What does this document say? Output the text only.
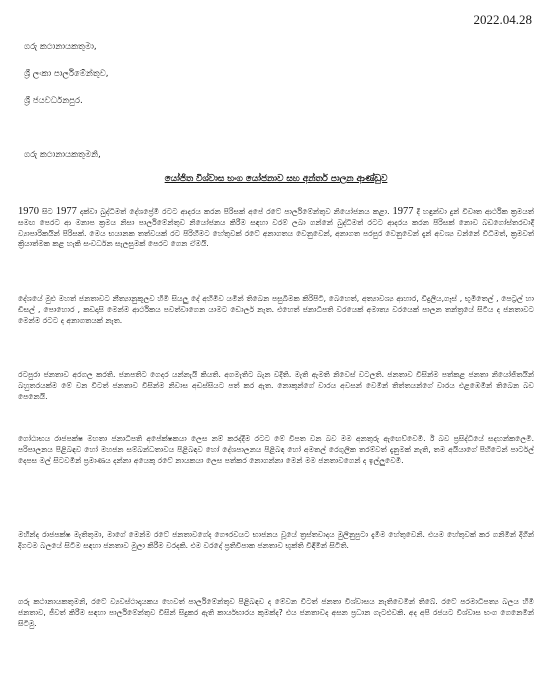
2022.04.28
ගරු කථානායකතුමා,
ශ්‍රී ලංකා පාර්ලිමේන්තුව,
ශ්‍රී ජයවර්ධනපුර.
ගරු කථානායකතුමනි,
යෝජිත විශ්වාස භංග යෝජනාව සහ අන්තර් පාලන ආණ්ඩුව

1970 සිට 1977 දක්වා බුද්ධිමත් දේශප්‍රේමී රටට ආදරය කරන පිරිසක් අපේ රටේ පාර්ලිමේන්තුව නියෝජනය කළා. 1977 දී හඳුන්වා දුන් විවෘත ආර්ථික ක්‍රමයත් සමඟ පෙරට ආ මනාප ක්‍රමය නිසා පාර්ලිමේන්තුව නියෝජනය කිරීම සඳහා වරම් ලබා ගන්නේ බුද්ධිමත් රටට ආදරය කරන පිරිසක් නොව බඩගෝස්තරවාදී ව්‍යාපාරිකයින් පිරිසක්. මෙය භයානක තත්වයක් රට පිරිහීමට හේතුවක් රටේ අනාගතය වෙනුවෙන්, අනාගත පරපුර වෙනුවෙන් දැන් අවශ්‍ය වන්නේ විධිමත්, ක්‍රමවත් ක්‍රියාත්මක කළ හැකි සංවර්ධන සැලසුමක් පෙරට ගෙන ඒමයි.

දේශයේ මුළු මහත් ජනතාවට නීත්‍යානුකූලව හිමි සියලු දේ අහිමිව යමින් තිබෙන පසුබිමක කිරිපිටි, බෙහෙත්, අත්‍යාවශ්‍ය ආහාර, විදුලිය,ගෑස් , භූමිතෙල් , පෙට්‍රල් හා ඩීසල් , පොහොර , කඩදාසි මෙන්ම ආර්ථිකය පවත්වාගෙන යාමට ඩොලර් නැත. එහෙත් ජනාධිපති වරයෙක් අමාත්‍ය වරයෙක් පාලන තන්ත්‍රයේ සිටිය ද ජනතාවට මෙන්ම රටට ද අනාගතයක් නැත.

රටපුරා ජනතාව අරගල කරති. ජනපතිට ගෙදර යන්නැයි කියති. අගමැතිට බැන වදිති. මැති ඇමති නිවෙස් වටලති. ජනතාව විසින්ම පත්කළ ජනතා නියෝජිතයින් බහුතරයක්ම මේ වන විටත් ජනතාව විසින්ම නිවාස අඩස්සියට පත් කර ඇත. නොකුන්ගේ වාරය අවසන් වෙමින් තිත්තයන්ගේ වාරය එළඹෙමින් තිබෙන බව පෙනෙයි.

ගෝඨාභය රාජපක්ෂ මහතා ජනාධිපති අපේක්ෂකයා ලෙස නම් කරද්දීම රටට මේ විපත වන බව මම අනතුරු ඇඟෙව්වෙමි. ඊ බව ප්‍රසිද්ධියේ සදහන්කලෙමි. පරිපාලනය පිළිබඳව හෝ මහජන සම්බන්ධතාවය පිළිබඳව හෝ දේශපාලනය පිළිබඳ හෝ අමතල් රෙගුලික තරම්වත් දැනුමක් නැති, තම අයියාගේ පිහිටෙන් පාර්ටල් දෙපස මල් සිටවමින් ප්‍රමාණය දන්නා අයෙකු රටේ නායකයා ලෙස පත්කර නොගන්නා මෙන් මම ජනතාවගෙන් ද ඉල්ලුවෙමි.

මහින්ද රාජපක්ෂ මැතිතුමා, මාගේ මෙන්ම රටේ ජනතාවගේද ගෞරවයට භාජනය වූයේ ත්‍රස්තවාදය මුලිනුපුටා දැමීම හේතුවෙනි. එයම හේතුවක් කර ගනිමින් දිගින් දිගටම බලයේ සිටීම සඳහා ජනතාව මුලා කිරීම වරදකි. එම වරදේ ප්‍රතිවිපාක ජනතාව භුක්ති විඳිමින් සිටිති.

ගරු කථානායකතුමනි, රටේ ව්‍යවස්ථාදායකය හෙවත් පාර්ලිමේන්තුව පිළිබඳව ද මේවන විටත් ජනතා විශ්වාසය නැතිවෙමින් තිබේ. රටේ පරමාධිපත්‍ය බලය හිමි ජනතාව, ජීවත් කිරීම සඳහා පාර්ලිමේන්තුව විසින් සිදුකර ඇති කාර්යභාරය කුමක්ද? එය ජනතාවද අසන ප්‍රධාන ගැටළුවකි. අද අපි රජයට විශ්වාස භංග ගෙනෙමින් සිටිමු.
